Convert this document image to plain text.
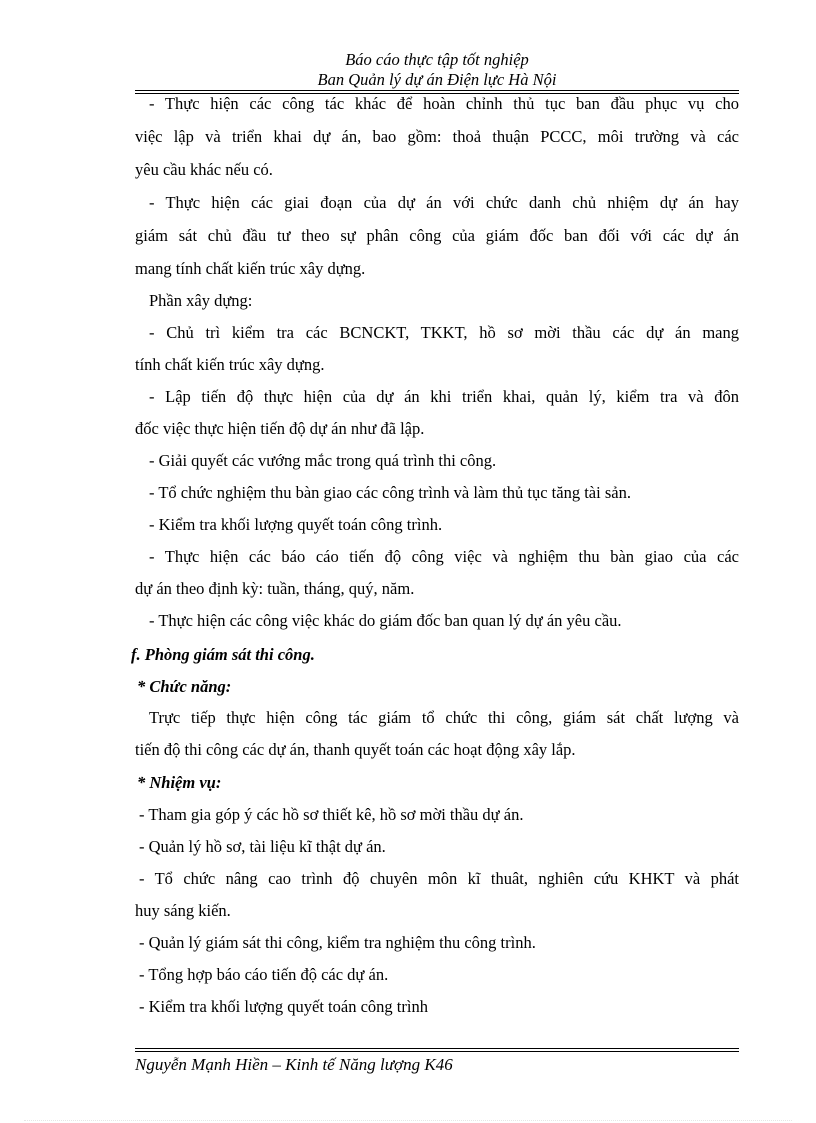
Báo cáo thực tập tốt nghiệp
Ban Quản lý dự án Điện lực Hà Nội
- Thực hiện các công tác khác để hoàn chỉnh thủ tục ban đầu phục vụ cho
việc lập và triển khai dự án, bao gồm: thoả thuận PCCC, môi trường và các
yêu cầu khác nếu có.
- Thực hiện các giai đoạn của dự án với chức danh chủ nhiệm dự án hay
giám sát chủ đầu tư theo sự phân công của giám đốc ban đối với các dự án
mang tính chất kiến trúc xây dựng.
Phần xây dựng:
- Chủ trì kiểm tra các BCNCKT, TKKT, hồ sơ mời thầu các dự án mang
tính chất kiến trúc xây dựng.
- Lập tiến độ thực hiện của dự án khi triển khai, quản lý, kiểm tra và đôn
đốc việc thực hiện tiến độ dự án như đã lập.
- Giải quyết các vướng mắc trong quá trình thi công.
- Tổ chức nghiệm thu bàn giao các công trình và làm thủ tục tăng tài sản.
- Kiểm tra khối lượng quyết toán công trình.
- Thực hiện các báo cáo tiến độ công việc và nghiệm thu bàn giao của các
dự án theo định kỳ: tuần, tháng, quý, năm.
- Thực hiện các công việc khác do giám đốc ban quan lý dự án yêu cầu.
f. Phòng giám sát thi công.
* Chức năng:
Trực tiếp thực hiện công tác giám tổ chức thi công, giám sát chất lượng và
tiến độ thi công các dự án, thanh quyết toán các hoạt động xây lắp.
* Nhiệm vụ:
- Tham gia góp ý các hồ sơ thiết kê, hồ sơ mời thầu dự án.
- Quản lý hồ sơ, tài liệu kĩ thật dự án.
- Tổ chức nâng cao trình độ chuyên môn kĩ thuât, nghiên cứu KHKT và phát
huy sáng kiến.
- Quản lý giám sát thi công, kiểm tra nghiệm thu công trình.
- Tổng hợp báo cáo tiến độ các dự án.
- Kiểm tra khối lượng quyết toán công trình
Nguyễn Mạnh Hiền – Kinh tế Năng lượng K46
